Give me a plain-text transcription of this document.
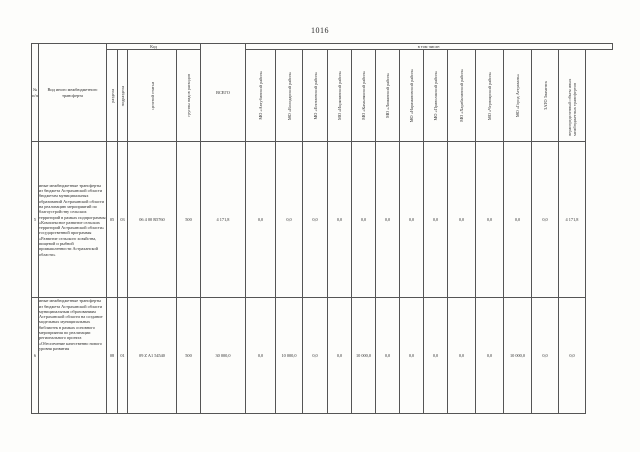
1016
№ п/п	Вид иного межбюджетного трансферта	Код				ВСЕГО	в том числе:												

		раздела	подраздела	целевой статьи	группы видов расходов		МО «Ахтубинский район»	МО «Володарский район»	МО «Енотаевский район»	МО «Икрянинский район»	МО «Камызякский район»	МО «Лиманский район»	МО «Наримановский район»	МО «Приволжский район»	МО «Харабалинский район»	МО «Черноярский район»	МО «Город Астрахань»	ЗАТО Знаменск	нераспределенный объем иных межбюджетных трансфертов

5	иные межбюджетные трансферты из бюджета Астраханской области бюджетам муниципальных образований Астраханской области на реализацию мероприятий по благоустройству сельских территорий в рамках подпрограммы «Комплексное развитие сельских территорий Астраханской области» государственной программы «Развитие сельского хозяйства, пищевой и рыбной промышленности Астраханской области»	05	03	06 4 00 R5760	500	4 171,8	0,0	0,0	0,0	0,0	0,0	0,0	0,0	0,0	0,0	0,0	0,0	0,0	4 171,8
6	иные межбюджетные трансферты из бюджета Астраханской области муниципальным образованиям Астраханской области на создание модельных муниципальных библиотек в рамках основного мероприятия по реализации регионального проекта «Обеспечение качественно нового уровня развития	08	01	09 Z A1 54540	500	30 000,0	0,0	10 000,0	0,0	0,0	10 000,0	0,0	0,0	0,0	0,0	0,0	10 000,0	0,0	0,0
